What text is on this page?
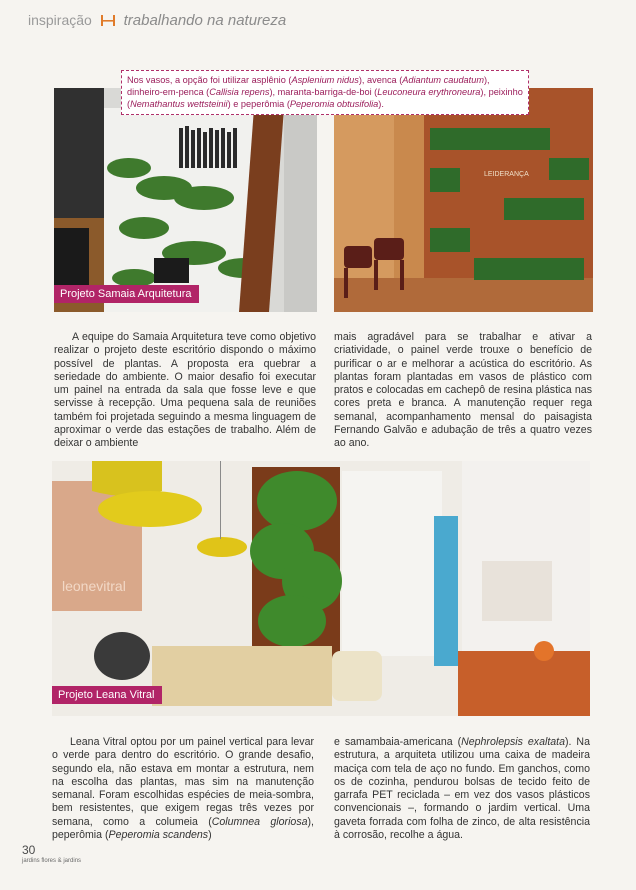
inspiração trabalhando na natureza
LEIDERANÇA
Nos vasos, a opção foi utilizar asplênio (Asplenium nidus), avenca (Adiantum caudatum), dinheiro-em-penca (Callisia repens), maranta-barriga-de-boi (Leuconeura erythroneura), peixinho (Nemathantus wettsteinii) e peperômia (Peperomia obtusifolia).
Projeto Samaia Arquitetura
A equipe do Samaia Arquitetura teve como objetivo realizar o projeto deste escritório dispondo o máximo possível de plantas. A proposta era quebrar a seriedade do ambiente. O maior desafio foi executar um painel na entrada da sala que fosse leve e que servisse à recepção. Uma pequena sala de reuniões também foi projetada seguindo a mesma linguagem de aproximar o verde das estações de trabalho. Além de deixar o ambiente
mais agradável para se trabalhar e ativar a criatividade, o painel verde trouxe o benefício de purificar o ar e melhorar a acústica do escritório. As plantas foram plantadas em vasos de plástico com pratos e colocadas em cachepô de resina plástica nas cores preta e branca. A manutenção requer rega semanal, acompanhamento mensal do paisagista Fernando Galvão e adubação de três a quatro vezes ao ano.
leonevitral
Projeto Leana Vitral
Leana Vitral optou por um painel vertical para levar o verde para dentro do escritório. O grande desafio, segundo ela, não estava em montar a estrutura, nem na escolha das plantas, mas sim na manutenção semanal. Foram escolhidas espécies de meia-sombra, bem resistentes, que exigem regas três vezes por semana, como a columeia (Columnea gloriosa), peperômia (Peperomia scandens)
e samambaia-americana (Nephrolepsis exaltata). Na estrutura, a arquiteta utilizou uma caixa de madeira maciça com tela de aço no fundo. Em ganchos, como os de cozinha, pendurou bolsas de tecido feito de garrafa PET reciclada – em vez dos vasos plásticos convencionais –, formando o jardim vertical. Uma gaveta forrada com folha de zinco, de alta resistência à corrosão, recolhe a água.
30
jardins flores & jardins
